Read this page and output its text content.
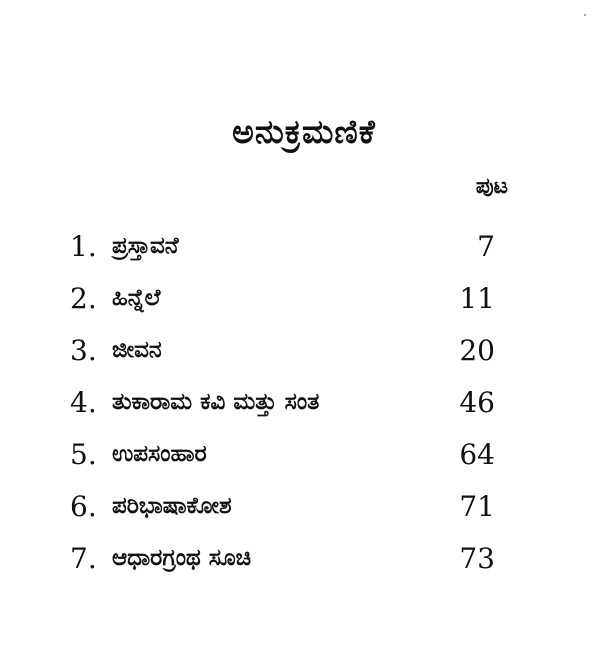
ಅನುಕ್ರಮಣಿಕೆ
ಪುಟ
1. ಪ್ರಸ್ತಾವನೆ	7
2. ಹಿನ್ನೆಲೆ	11
3. ಜೀವನ	20
4. ತುಕಾರಾಮ ಕವಿ ಮತ್ತು ಸಂತ	46
5. ಉಪಸಂಹಾರ	64
6. ಪರಿಭಾಷಾಕೋಶ	71
7. ಆಧಾರಗ್ರಂಥ ಸೂಚಿ	73
